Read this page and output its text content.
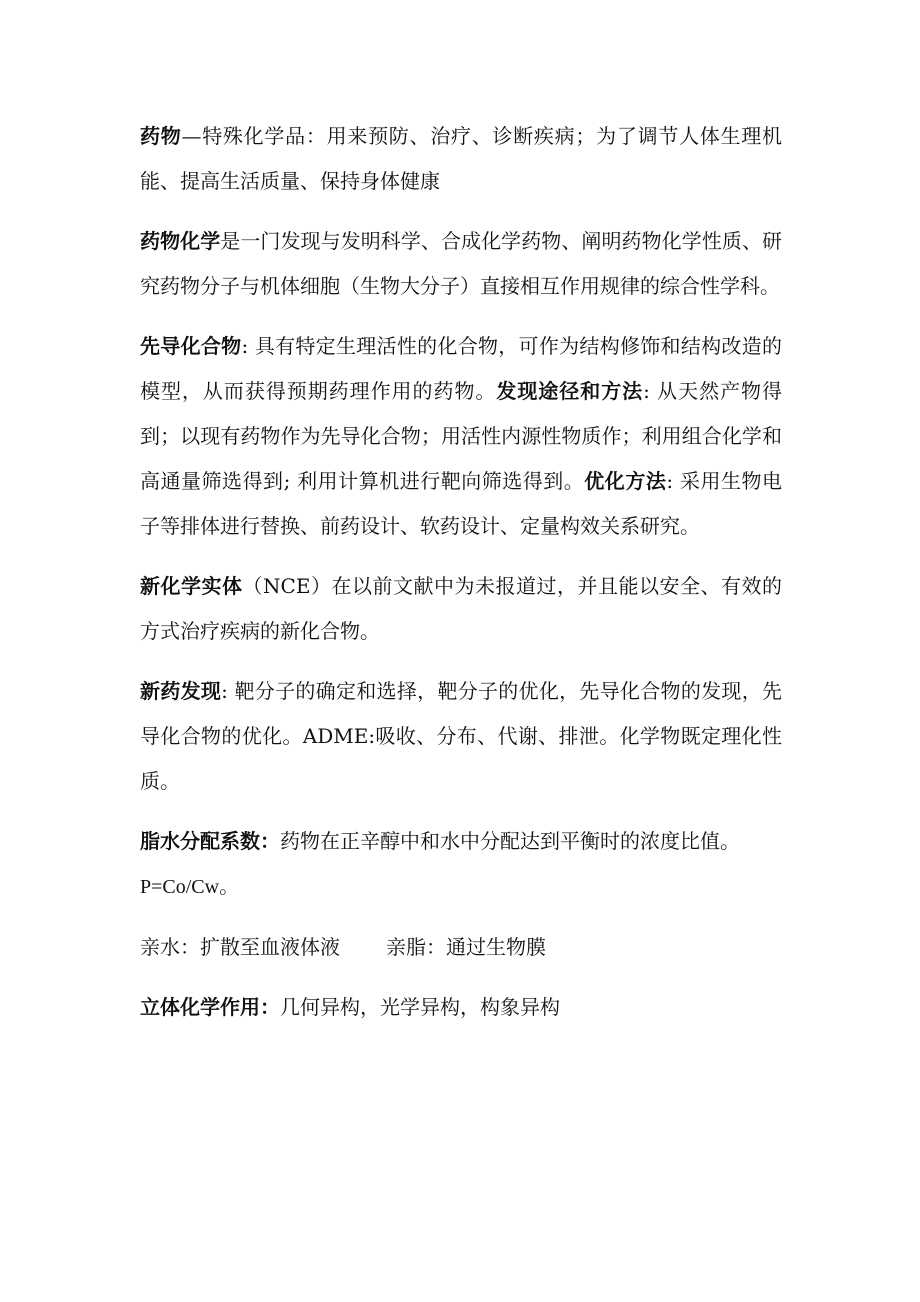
药物—特殊化学品：用来预防、治疗、诊断疾病；为了调节人体生理机能、提高生活质量、保持身体健康

药物化学是一门发现与发明科学、合成化学药物、阐明药物化学性质、研究药物分子与机体细胞（生物大分子）直接相互作用规律的综合性学科。

先导化合物: 具有特定生理活性的化合物，可作为结构修饰和结构改造的模型，从而获得预期药理作用的药物。发现途径和方法: 从天然产物得到；以现有药物作为先导化合物；用活性内源性物质作；利用组合化学和高通量筛选得到; 利用计算机进行靶向筛选得到。优化方法: 采用生物电子等排体进行替换、前药设计、软药设计、定量构效关系研究。

新化学实体（NCE）在以前文献中为未报道过，并且能以安全、有效的方式治疗疾病的新化合物。

新药发现: 靶分子的确定和选择，靶分子的优化，先导化合物的发现，先导化合物的优化。ADME:吸收、分布、代谢、排泄。化学物既定理化性质。

脂水分配系数：药物在正辛醇中和水中分配达到平衡时的浓度比值。
P=Co/Cw。

亲水：扩散至血液体液 亲脂：通过生物膜

立体化学作用：几何异构，光学异构，构象异构
